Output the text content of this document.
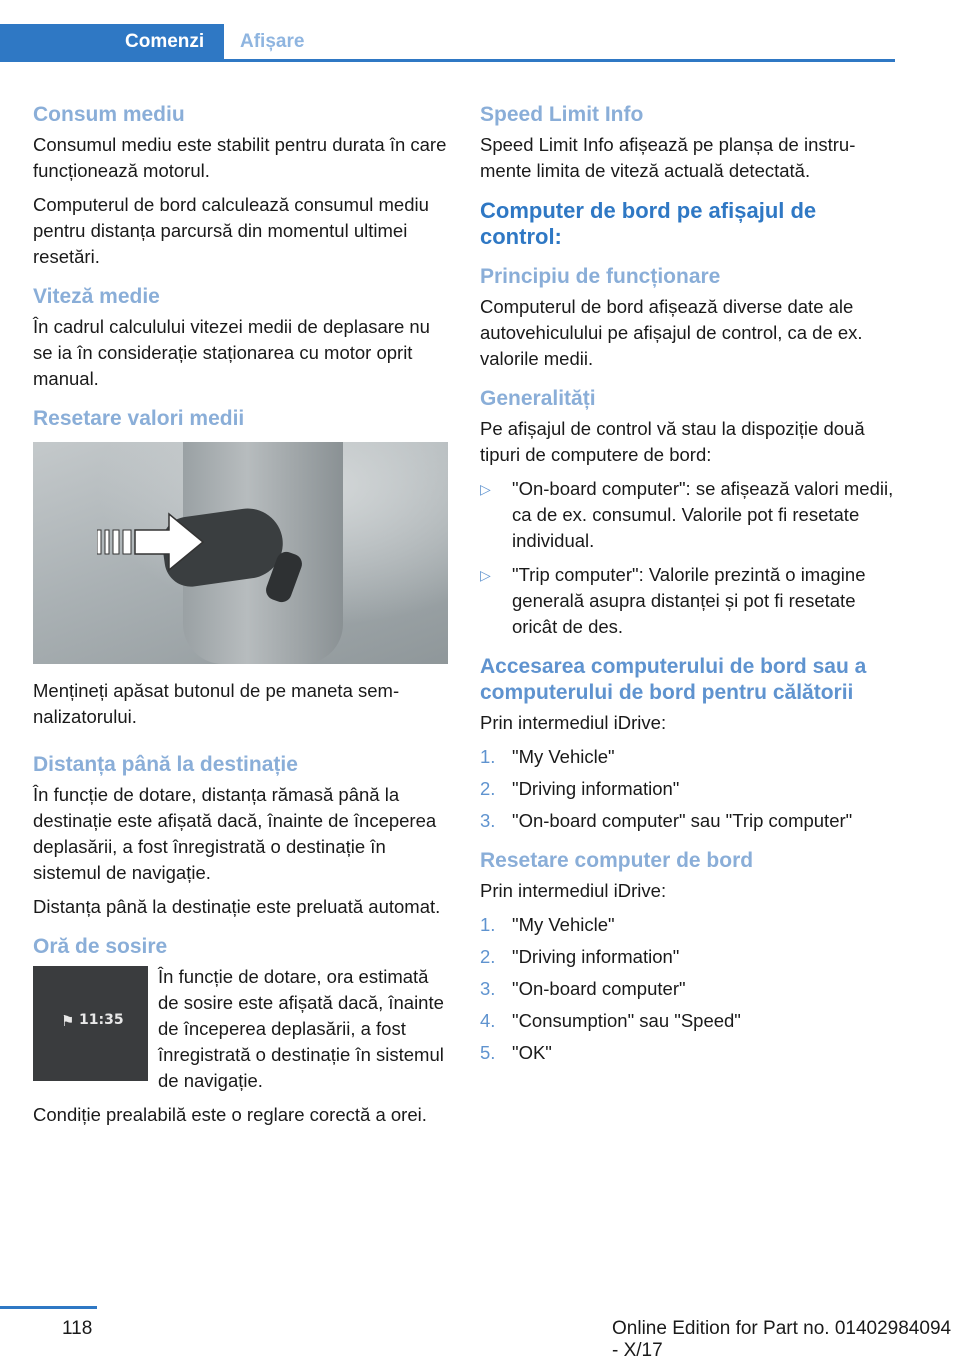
Comenzi	Afișare
Consum mediu

Consumul mediu este stabilit pentru durata în care funcționează motorul.

Computerul de bord calculează consumul mediu pentru distanța parcursă din momentul ultimei resetări.

Viteză medie

În cadrul calculului vitezei medii de deplasare nu se ia în considerație staționarea cu motor oprit manual.

Resetare valori medii

Mențineți apăsat butonul de pe maneta semnalizatorului.

Distanța până la destinație

În funcție de dotare, distanța rămasă până la destinație este afișată dacă, înainte de începerea deplasării, a fost înregistrată o destinație în sistemul de navigație.

Distanța până la destinație este preluată automat.

Oră de sosire
⚑ 11:35

În funcție de dotare, ora estimată de sosire este afișată dacă, înainte de începerea deplasării, a fost înregistrată o destinație în sistemul de navigație.

Condiție prealabilă este o reglare corectă a orei.

Speed Limit Info

Speed Limit Info afișează pe planșa de instrumente limita de viteză actuală detectată.

Computer de bord pe afișajul de control:
Principiu de funcționare

Computerul de bord afișează diverse date ale autovehiculului pe afișajul de control, ca de ex. valorile medii.

Generalități

Pe afișajul de control vă stau la dispoziție două tipuri de computere de bord:

▷ "On-board computer": se afișează valori medii, ca de ex. consumul. Valorile pot fi resetate individual.
▷ "Trip computer": Valorile prezintă o imagine generală asupra distanței și pot fi resetate oricât de des.
Accesarea computerului de bord sau a computerului de bord pentru călătorii

Prin intermediul iDrive:

1. "My Vehicle"
2. "Driving information"
3. "On-board computer" sau "Trip computer"
Resetare computer de bord

Prin intermediul iDrive:

1. "My Vehicle"
2. "Driving information"
3. "On-board computer"
4. "Consumption" sau "Speed"
5. "OK"
118	Online Edition for Part no. 01402984094 - X/17
